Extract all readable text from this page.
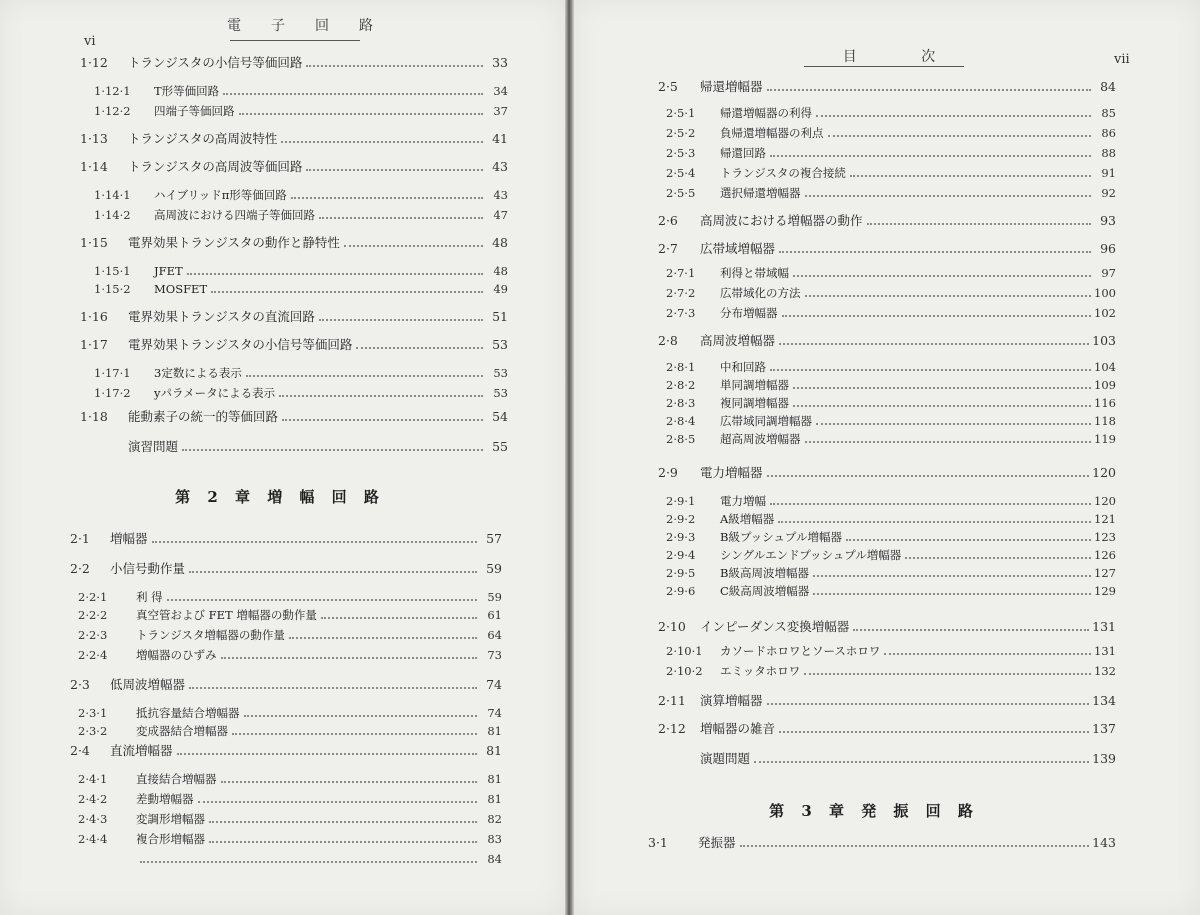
vi
電子回路
1·12	トランジスタの小信号等価回路	33
1·12·1	T形等価回路	34
1·12·2	四端子等価回路	37
1·13	トランジスタの高周波特性	41
1·14	トランジスタの高周波等価回路	43
1·14·1	ハイブリッドπ形等価回路	43
1·14·2	高周波における四端子等価回路	47
1·15	電界効果トランジスタの動作と静特性	48
1·15·1	JFET	48
1·15·2	MOSFET	49
1·16	電界効果トランジスタの直流回路	51
1·17	電界効果トランジスタの小信号等価回路	53
1·17·1	3定数による表示	53
1·17·2	yパラメータによる表示	53
1·18	能動素子の統一的等価回路	54
演習問題	55
第 2 章 増 幅 回 路
2·1	増幅器	57
2·2	小信号動作量	59
2·2·1	利 得	59
2·2·2	真空管および FET 増幅器の動作量	61
2·2·3	トランジスタ増幅器の動作量	64
2·2·4	増幅器のひずみ	73
2·3	低周波増幅器	74
2·3·1	抵抗容量結合増幅器	74
2·3·2	変成器結合増幅器	81
2·4	直流増幅器	81
2·4·1	直接結合増幅器	81
2·4·2	差動増幅器	81
2·4·3	変調形増幅器	82
2·4·4	複合形増幅器	83
84
目 次	vii
2·5	帰還増幅器	84
2·5·1	帰還増幅器の利得	85
2·5·2	負帰還増幅器の利点	86
2·5·3	帰還回路	88
2·5·4	トランジスタの複合接続	91
2·5·5	選択帰還増幅器	92
2·6	高周波における増幅器の動作	93
2·7	広帯域増幅器	96
2·7·1	利得と帯域幅	97
2·7·2	広帯域化の方法	100
2·7·3	分布増幅器	102
2·8	高周波増幅器	103
2·8·1	中和回路	104
2·8·2	単同調増幅器	109
2·8·3	複同調増幅器	116
2·8·4	広帯域同調増幅器	118
2·8·5	超高周波増幅器	119
2·9	電力増幅器	120
2·9·1	電力増幅	120
2·9·2	A級増幅器	121
2·9·3	B級プッシュプル増幅器	123
2·9·4	シングルエンドプッシュプル増幅器	126
2·9·5	B級高周波増幅器	127
2·9·6	C級高周波増幅器	129
2·10	インピーダンス変換増幅器	131
2·10·1	カソードホロワとソースホロワ	131
2·10·2	エミッタホロワ	132
2·11	演算増幅器	134
2·12	増幅器の雑音	137
演題問題	139
第 3 章 発 振 回 路
3·1	発振器	143
